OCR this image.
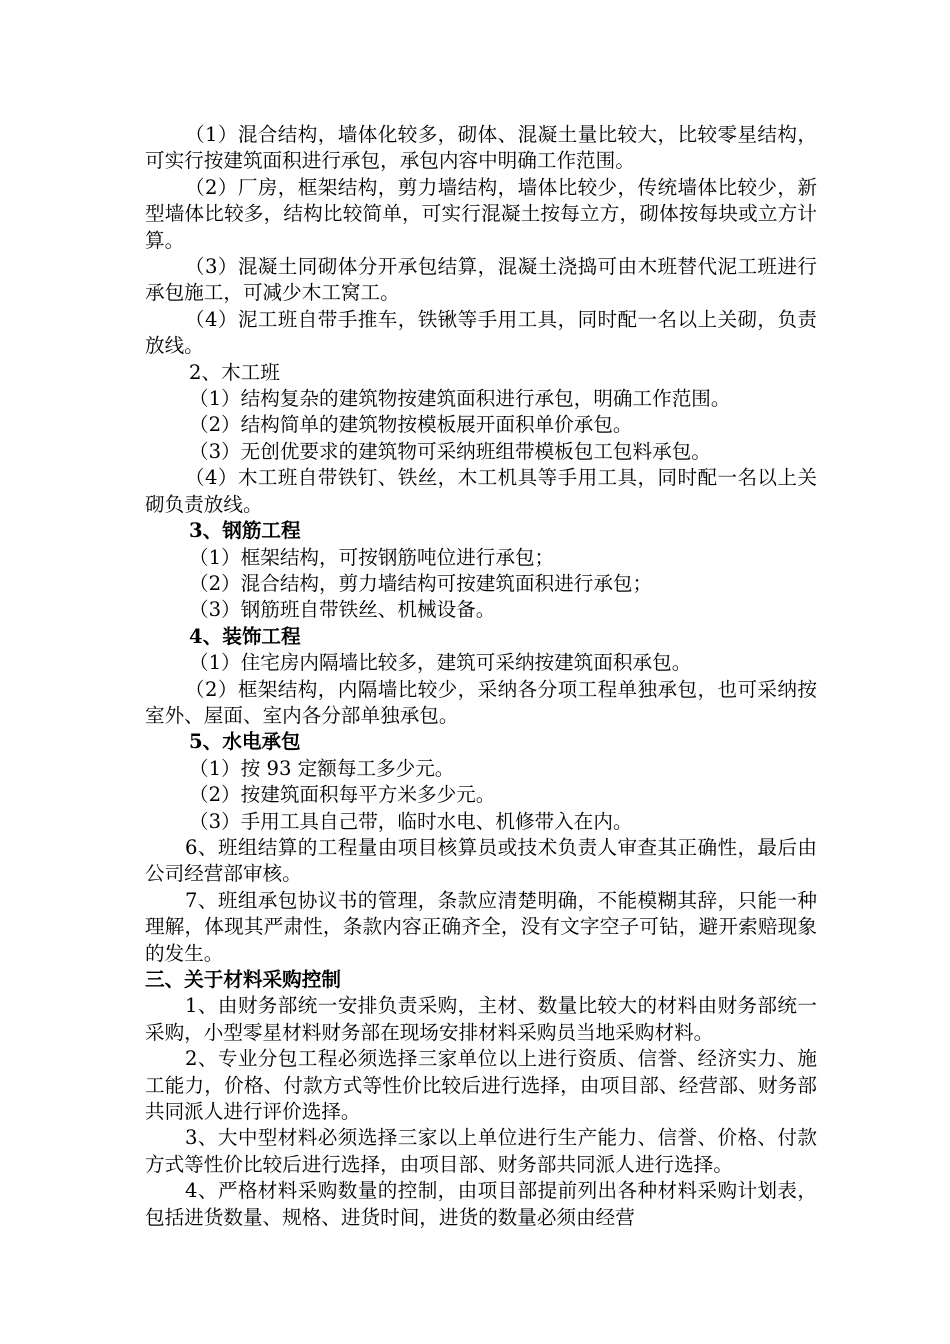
（1）混合结构，墙体化较多，砌体、混凝土量比较大，比较零星结构，可实行按建筑面积进行承包，承包内容中明确工作范围。

（2）厂房，框架结构，剪力墙结构，墙体比较少，传统墙体比较少，新型墙体比较多，结构比较简单，可实行混凝土按每立方，砌体按每块或立方计算。

（3）混凝土同砌体分开承包结算，混凝土浇捣可由木班替代泥工班进行承包施工，可减少木工窝工。

（4）泥工班自带手推车，铁锹等手用工具，同时配一名以上关砌，负责放线。

2、木工班

（1）结构复杂的建筑物按建筑面积进行承包，明确工作范围。

（2）结构简单的建筑物按模板展开面积单价承包。

（3）无创优要求的建筑物可采纳班组带模板包工包料承包。

（4）木工班自带铁钉、铁丝，木工机具等手用工具，同时配一名以上关砌负责放线。

3、钢筋工程

（1）框架结构，可按钢筋吨位进行承包；

（2）混合结构，剪力墙结构可按建筑面积进行承包；

（3）钢筋班自带铁丝、机械设备。

4、装饰工程

（1）住宅房内隔墙比较多，建筑可采纳按建筑面积承包。

（2）框架结构，内隔墙比较少，采纳各分项工程单独承包，也可采纳按室外、屋面、室内各分部单独承包。

5、水电承包

（1）按 93 定额每工多少元。

（2）按建筑面积每平方米多少元。

（3）手用工具自己带，临时水电、机修带入在内。

6、班组结算的工程量由项目核算员或技术负责人审查其正确性，最后由公司经营部审核。

7、班组承包协议书的管理，条款应清楚明确，不能模糊其辞，只能一种理解，体现其严肃性，条款内容正确齐全，没有文字空子可钻，避开索赔现象的发生。

三、关于材料采购控制

1、由财务部统一安排负责采购，主材、数量比较大的材料由财务部统一采购，小型零星材料财务部在现场安排材料采购员当地采购材料。

2、专业分包工程必须选择三家单位以上进行资质、信誉、经济实力、施工能力，价格、付款方式等性价比较后进行选择，由项目部、经营部、财务部共同派人进行评价选择。

3、大中型材料必须选择三家以上单位进行生产能力、信誉、价格、付款方式等性价比较后进行选择，由项目部、财务部共同派人进行选择。

4、严格材料采购数量的控制，由项目部提前列出各种材料采购计划表，包括进货数量、规格、进货时间，进货的数量必须由经营
